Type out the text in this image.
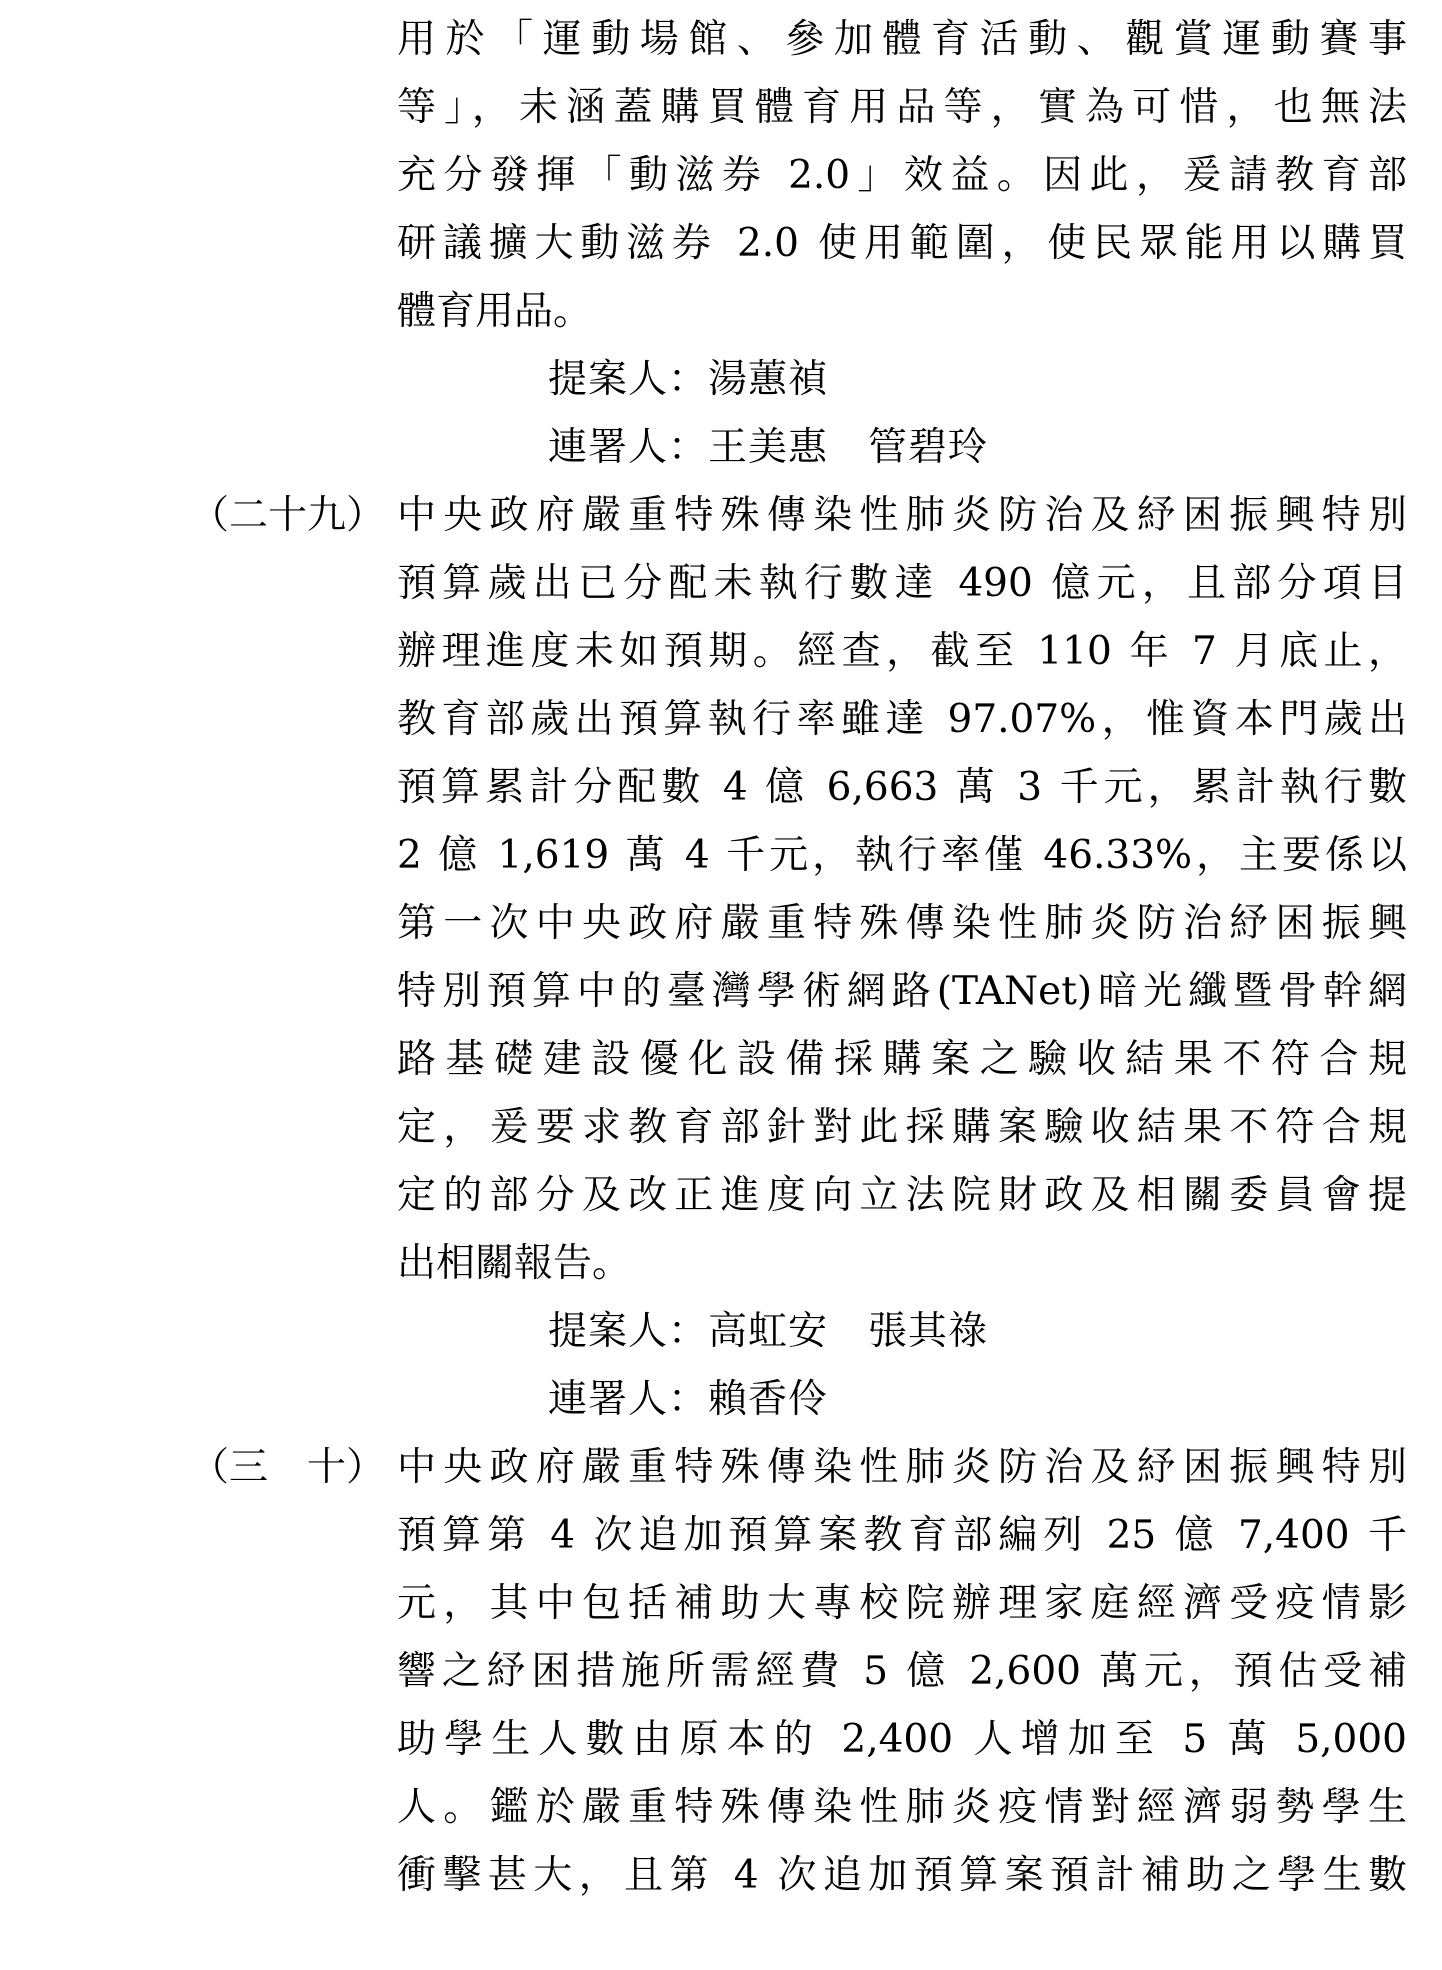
用於「運動場館、參加體育活動、觀賞運動賽事
等」，未涵蓋購買體育用品等，實為可惜，也無法
充分發揮「動滋券 2.0」效益。因此，爰請教育部
研議擴大動滋券 2.0 使用範圍，使民眾能用以購買
體育用品。
提案人：湯蕙禎
連署人：王美惠　管碧玲
（二十九） 中央政府嚴重特殊傳染性肺炎防治及紓困振興特別
預算歲出已分配未執行數達 490 億元，且部分項目
辦理進度未如預期。經查，截至 110 年 7 月底止，
教育部歲出預算執行率雖達 97.07%，惟資本門歲出
預算累計分配數 4 億 6,663 萬 3 千元，累計執行數
2 億 1,619 萬 4 千元，執行率僅 46.33%，主要係以
第一次中央政府嚴重特殊傳染性肺炎防治紓困振興
特別預算中的臺灣學術網路(TANet)暗光纖暨骨幹網
路基礎建設優化設備採購案之驗收結果不符合規
定，爰要求教育部針對此採購案驗收結果不符合規
定的部分及改正進度向立法院財政及相關委員會提
出相關報告。
提案人：高虹安　張其祿
連署人：賴香伶
（三　十） 中央政府嚴重特殊傳染性肺炎防治及紓困振興特別
預算第 4 次追加預算案教育部編列 25 億 7,400 千
元，其中包括補助大專校院辦理家庭經濟受疫情影
響之紓困措施所需經費 5 億 2,600 萬元，預估受補
助學生人數由原本的 2,400 人增加至 5 萬 5,000
人。鑑於嚴重特殊傳染性肺炎疫情對經濟弱勢學生
衝擊甚大，且第 4 次追加預算案預計補助之學生數
